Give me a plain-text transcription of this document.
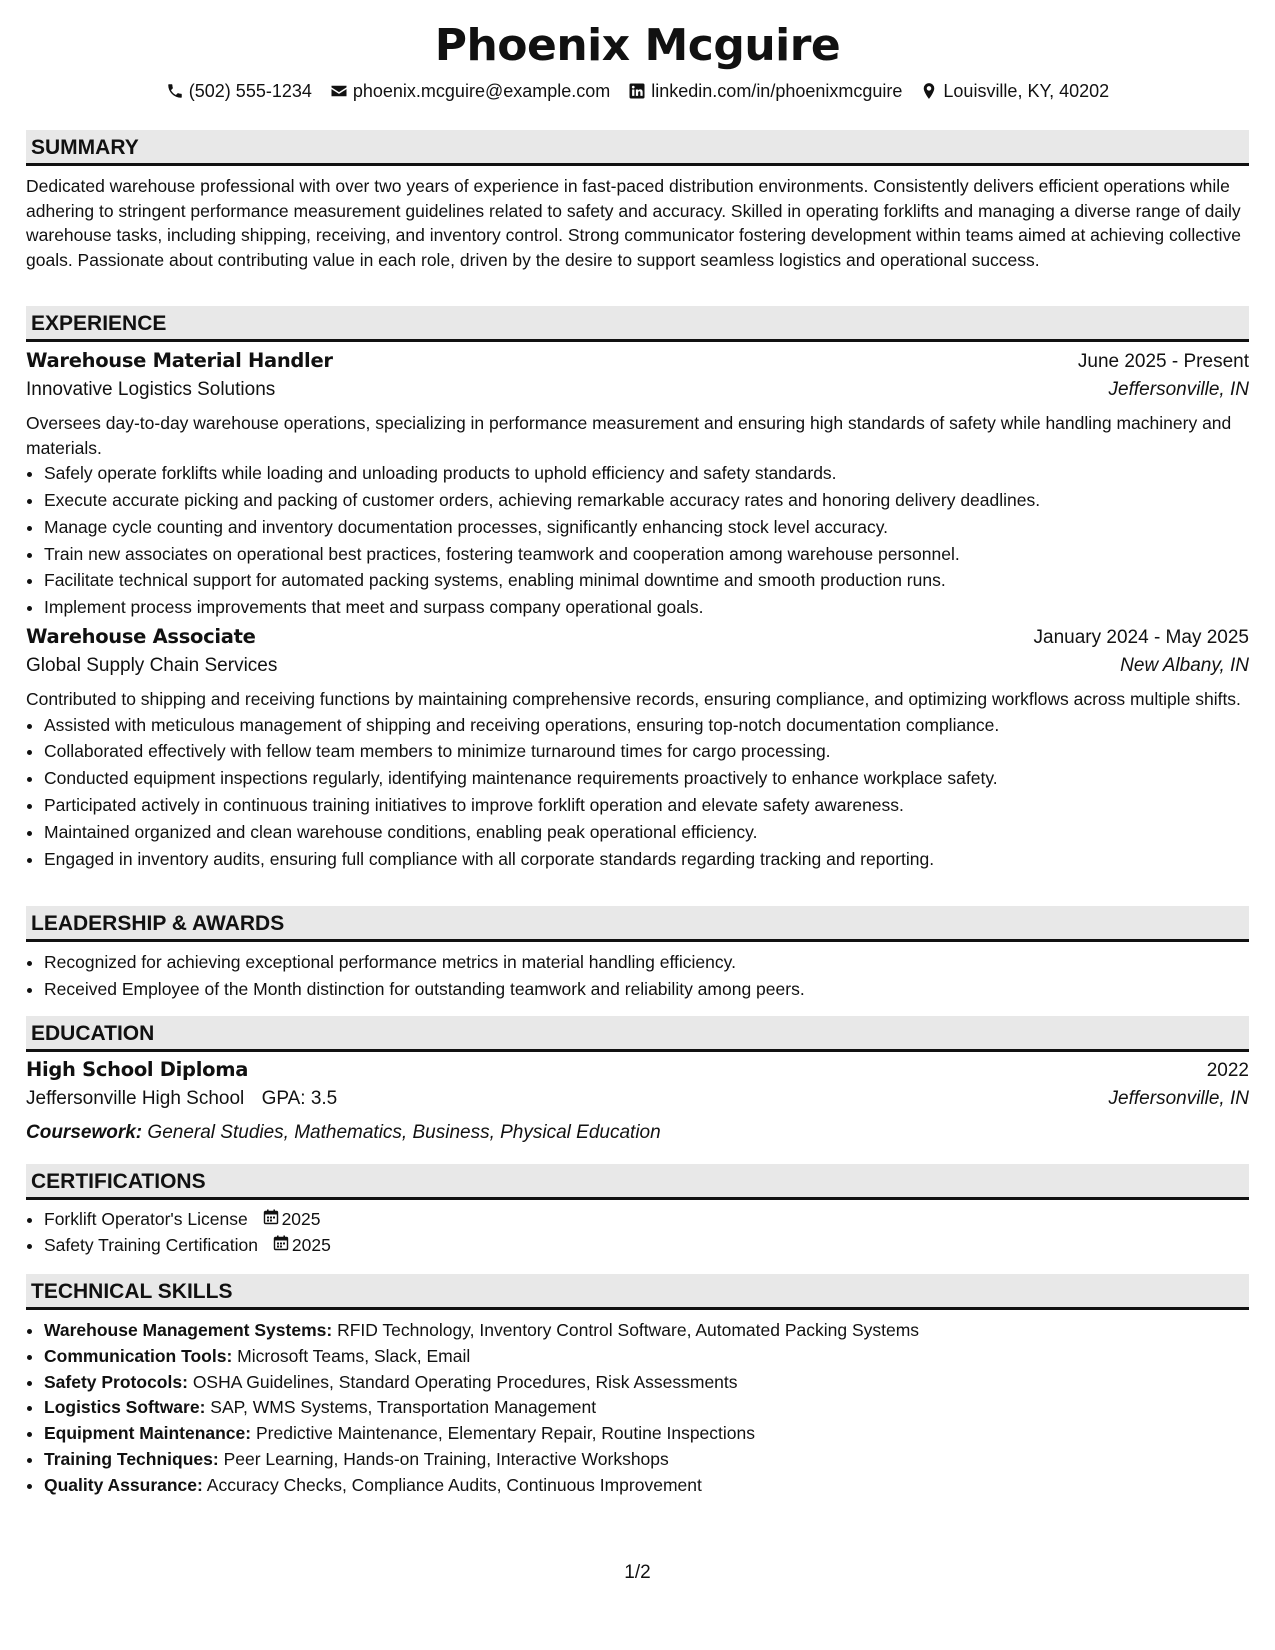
Phoenix Mcguire
(502) 555-1234 phoenix.mcguire@example.com linkedin.com/in/phoenixmcguire Louisville, KY, 40202
SUMMARY
Dedicated warehouse professional with over two years of experience in fast-paced distribution environments. Consistently delivers efficient operations while adhering to stringent performance measurement guidelines related to safety and accuracy. Skilled in operating forklifts and managing a diverse range of daily warehouse tasks, including shipping, receiving, and inventory control. Strong communicator fostering development within teams aimed at achieving collective goals. Passionate about contributing value in each role, driven by the desire to support seamless logistics and operational success.
EXPERIENCE
Warehouse Material Handler	June 2025 - Present
Innovative Logistics Solutions	Jeffersonville, IN
Oversees day-to-day warehouse operations, specializing in performance measurement and ensuring high standards of safety while handling machinery and materials.
• Safely operate forklifts while loading and unloading products to uphold efficiency and safety standards.
• Execute accurate picking and packing of customer orders, achieving remarkable accuracy rates and honoring delivery deadlines.
• Manage cycle counting and inventory documentation processes, significantly enhancing stock level accuracy.
• Train new associates on operational best practices, fostering teamwork and cooperation among warehouse personnel.
• Facilitate technical support for automated packing systems, enabling minimal downtime and smooth production runs.
• Implement process improvements that meet and surpass company operational goals.
Warehouse Associate	January 2024 - May 2025
Global Supply Chain Services	New Albany, IN
Contributed to shipping and receiving functions by maintaining comprehensive records, ensuring compliance, and optimizing workflows across multiple shifts.
• Assisted with meticulous management of shipping and receiving operations, ensuring top-notch documentation compliance.
• Collaborated effectively with fellow team members to minimize turnaround times for cargo processing.
• Conducted equipment inspections regularly, identifying maintenance requirements proactively to enhance workplace safety.
• Participated actively in continuous training initiatives to improve forklift operation and elevate safety awareness.
• Maintained organized and clean warehouse conditions, enabling peak operational efficiency.
• Engaged in inventory audits, ensuring full compliance with all corporate standards regarding tracking and reporting.
LEADERSHIP & AWARDS
• Recognized for achieving exceptional performance metrics in material handling efficiency.
• Received Employee of the Month distinction for outstanding teamwork and reliability among peers.
EDUCATION
High School Diploma	2022
Jeffersonville High School GPA: 3.5	Jeffersonville, IN
Coursework: General Studies, Mathematics, Business, Physical Education
CERTIFICATIONS
• Forklift Operator's License 2025
• Safety Training Certification 2025
TECHNICAL SKILLS
• Warehouse Management Systems: RFID Technology, Inventory Control Software, Automated Packing Systems
• Communication Tools: Microsoft Teams, Slack, Email
• Safety Protocols: OSHA Guidelines, Standard Operating Procedures, Risk Assessments
• Logistics Software: SAP, WMS Systems, Transportation Management
• Equipment Maintenance: Predictive Maintenance, Elementary Repair, Routine Inspections
• Training Techniques: Peer Learning, Hands-on Training, Interactive Workshops
• Quality Assurance: Accuracy Checks, Compliance Audits, Continuous Improvement
1/2
